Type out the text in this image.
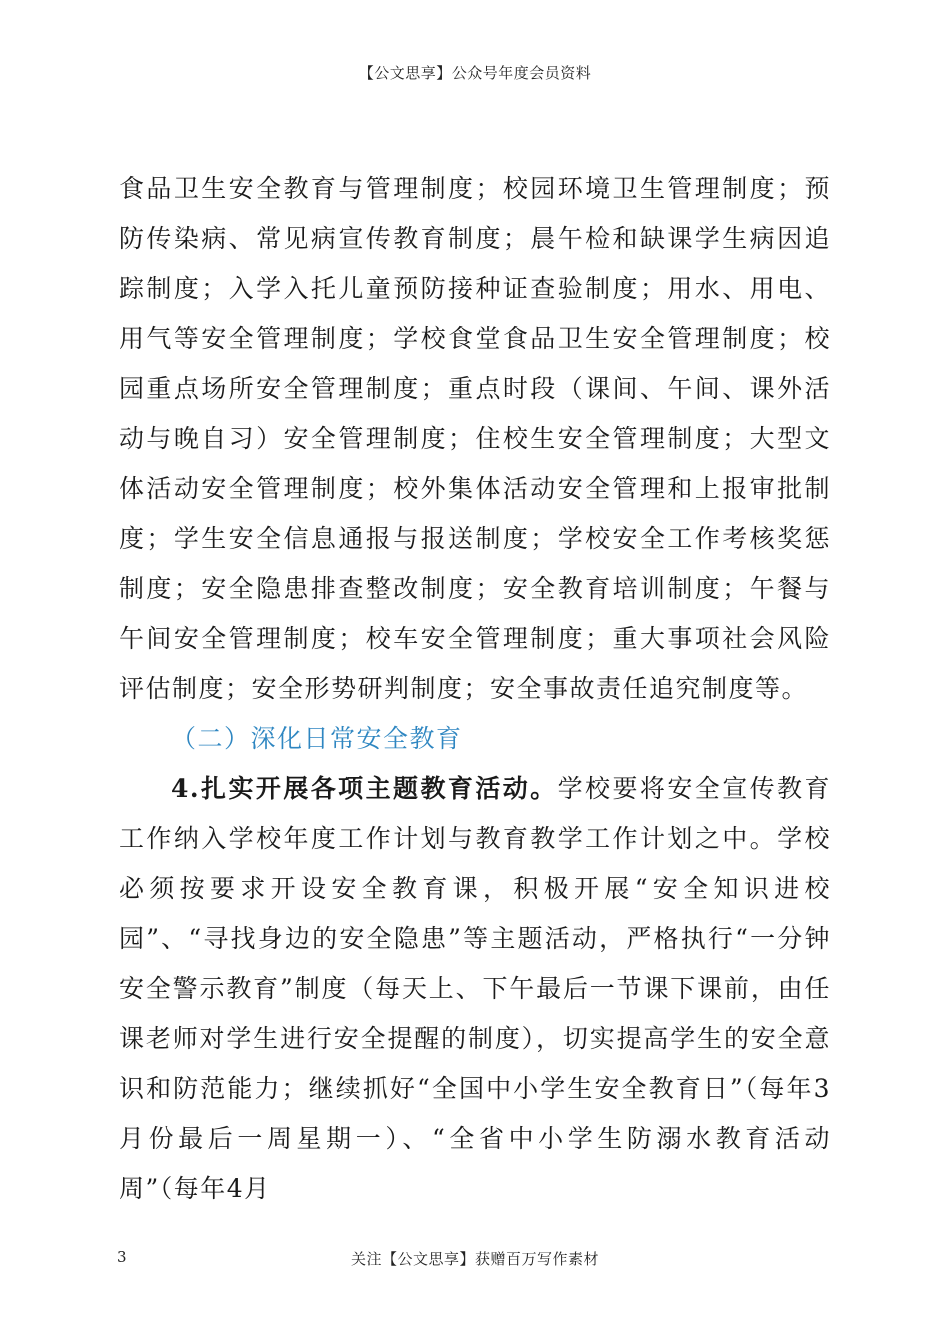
【公文思享】公众号年度会员资料

食品卫生安全教育与管理制度；校园环境卫生管理制度；预防传染病、常见病宣传教育制度；晨午检和缺课学生病因追踪制度；入学入托儿童预防接种证查验制度；用水、用电、用气等安全管理制度；学校食堂食品卫生安全管理制度；校园重点场所安全管理制度；重点时段（课间、午间、课外活动与晚自习）安全管理制度；住校生安全管理制度；大型文体活动安全管理制度；校外集体活动安全管理和上报审批制度；学生安全信息通报与报送制度；学校安全工作考核奖惩制度；安全隐患排查整改制度；安全教育培训制度；午餐与午间安全管理制度；校车安全管理制度；重大事项社会风险评估制度；安全形势研判制度；安全事故责任追究制度等。

（二）深化日常安全教育

4.扎实开展各项主题教育活动。学校要将安全宣传教育工作纳入学校年度工作计划与教育教学工作计划之中。学校必须按要求开设安全教育课，积极开展“安全知识进校园”、“寻找身边的安全隐患”等主题活动，严格执行“一分钟安全警示教育”制度（每天上、下午最后一节课下课前，由任课老师对学生进行安全提醒的制度），切实提高学生的安全意识和防范能力；继续抓好“全国中小学生安全教育日”（每年3月份最后一周星期一）、“全省中小学生防溺水教育活动周”（每年4月

3	关注【公文思享】获赠百万写作素材
